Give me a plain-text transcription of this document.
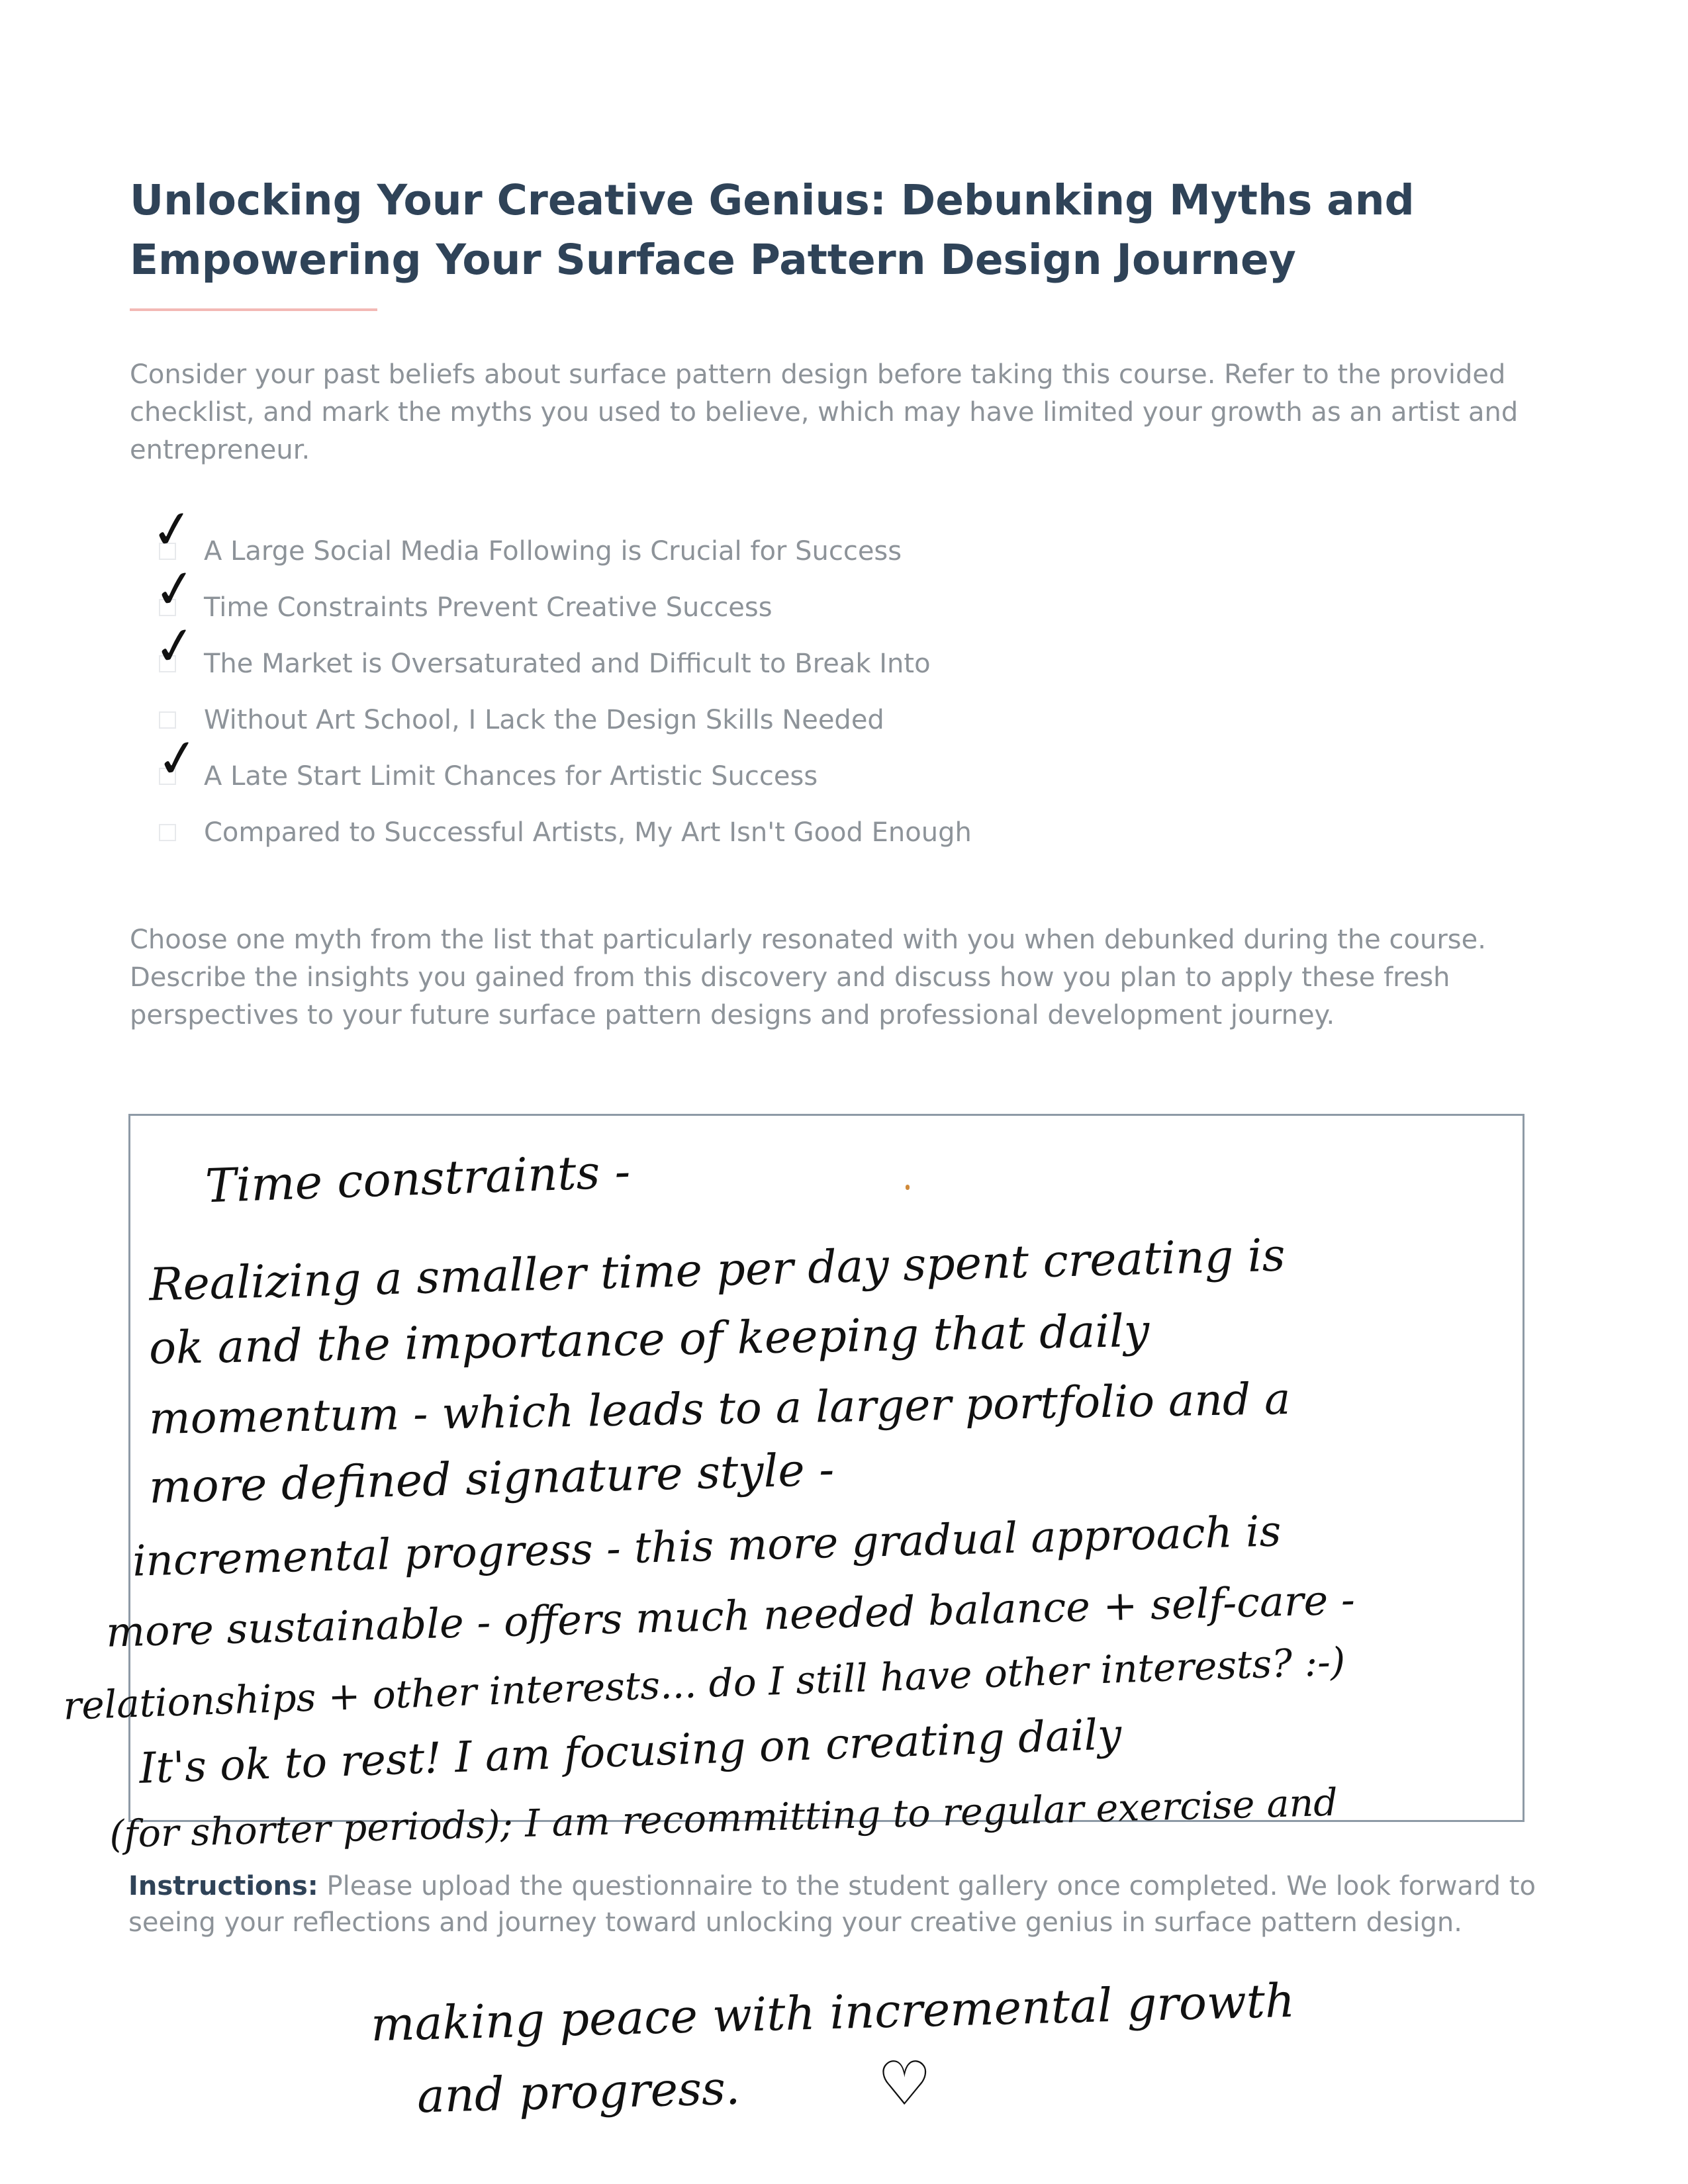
Unlocking Your Creative Genius: Debunking Myths and Empowering Your Surface Pattern Design Journey

Consider your past beliefs about surface pattern design before taking this course. Refer to the provided checklist, and mark the myths you used to believe, which may have limited your growth as an artist and entrepreneur.

A Large Social Media Following is Crucial for Success
Time Constraints Prevent Creative Success
The Market is Oversaturated and Difficult to Break Into
Without Art School, I Lack the Design Skills Needed
A Late Start Limit Chances for Artistic Success
Compared to Successful Artists, My Art Isn't Good Enough
✓
✓
✓
✓

Choose one myth from the list that particularly resonated with you when debunked during the course. Describe the insights you gained from this discovery and discuss how you plan to apply these fresh perspectives to your future surface pattern designs and professional development journey.

Time constraints -

Realizing a smaller time per day spent creating is

ok and the importance of keeping that daily

momentum - which leads to a larger portfolio and a

more defined signature style -

incremental progress - this more gradual approach is

more sustainable - offers much needed balance + self-care -

relationships + other interests... do I still have other interests? :-)

It's ok to rest! I am focusing on creating daily

(for shorter periods); I am recommitting to regular exercise and

Instructions: Please upload the questionnaire to the student gallery once completed. We look forward to seeing your reflections and journey toward unlocking your creative genius in surface pattern design.

making peace with incremental growth

and progress. ♡
